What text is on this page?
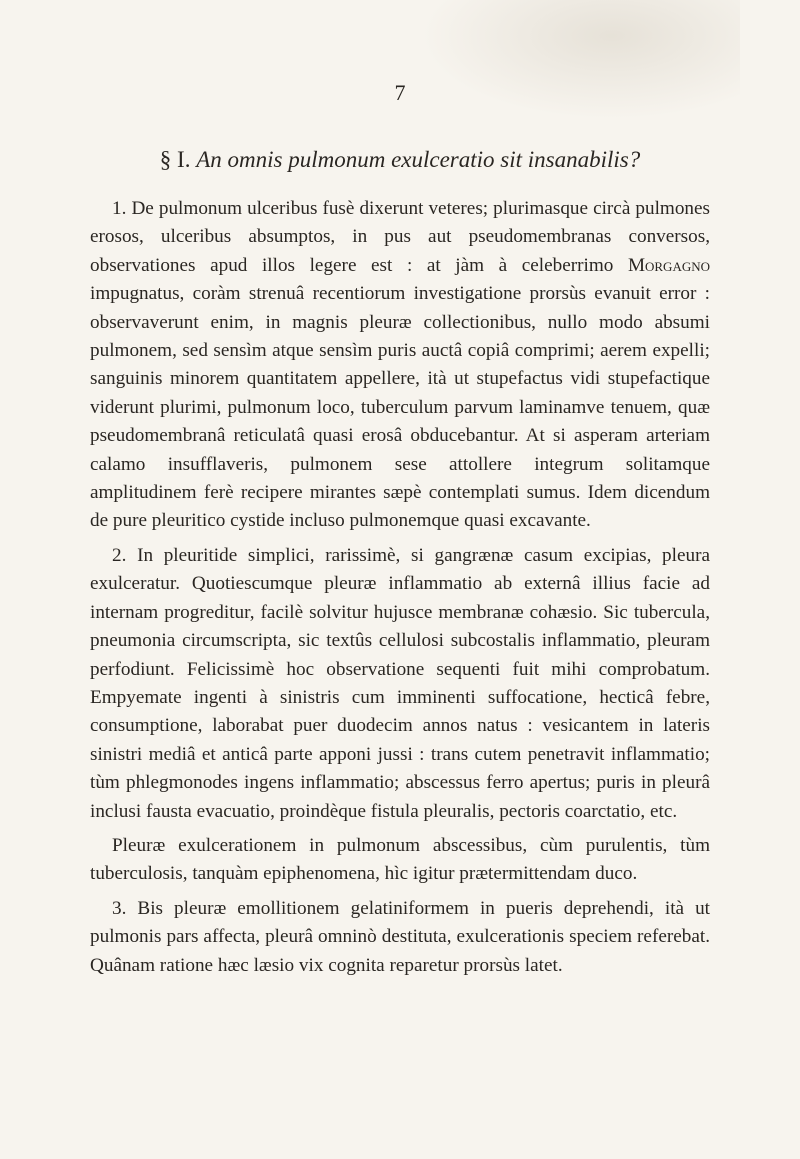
7
§ I. An omnis pulmonum exulceratio sit insanabilis?

1. De pulmonum ulceribus fusè dixerunt veteres; plurimasque circà pulmones erosos, ulceribus absumptos, in pus aut pseudomembranas conversos, observationes apud illos legere est : at jàm à celeberrimo Morgagno impugnatus, coràm strenuâ recentiorum investigatione prorsùs evanuit error : observaverunt enim, in magnis pleuræ collectionibus, nullo modo absumi pulmonem, sed sensìm atque sensìm puris auctâ copiâ comprimi; aerem expelli; sanguinis minorem quantitatem appellere, ità ut stupefactus vidi stupefactique viderunt plurimi, pulmonum loco, tuberculum parvum laminamve tenuem, quæ pseudomembranâ reticulatâ quasi erosâ obducebantur. At si asperam arteriam calamo insufflaveris, pulmonem sese attollere integrum solitamque amplitudinem ferè recipere mirantes sæpè contemplati sumus. Idem dicendum de pure pleuritico cystide incluso pulmonemque quasi excavante.

2. In pleuritide simplici, rarissimè, si gangrænæ casum excipias, pleura exulceratur. Quotiescumque pleuræ inflammatio ab externâ illius facie ad internam progreditur, facilè solvitur hujusce membranæ cohæsio. Sic tubercula, pneumonia circumscripta, sic textûs cellulosi subcostalis inflammatio, pleuram perfodiunt. Felicissimè hoc observatione sequenti fuit mihi comprobatum. Empyemate ingenti à sinistris cum imminenti suffocatione, hecticâ febre, consumptione, laborabat puer duodecim annos natus : vesicantem in lateris sinistri mediâ et anticâ parte apponi jussi : trans cutem penetravit inflammatio; tùm phlegmonodes ingens inflammatio; abscessus ferro apertus; puris in pleurâ inclusi fausta evacuatio, proindèque fistula pleuralis, pectoris coarctatio, etc.

Pleuræ exulcerationem in pulmonum abscessibus, cùm purulentis, tùm tuberculosis, tanquàm epiphenomena, hìc igitur prætermittendam duco.

3. Bis pleuræ emollitionem gelatiniformem in pueris deprehendi, ità ut pulmonis pars affecta, pleurâ omninò destituta, exulcerationis speciem referebat. Quânam ratione hæc læsio vix cognita reparetur prorsùs latet.
